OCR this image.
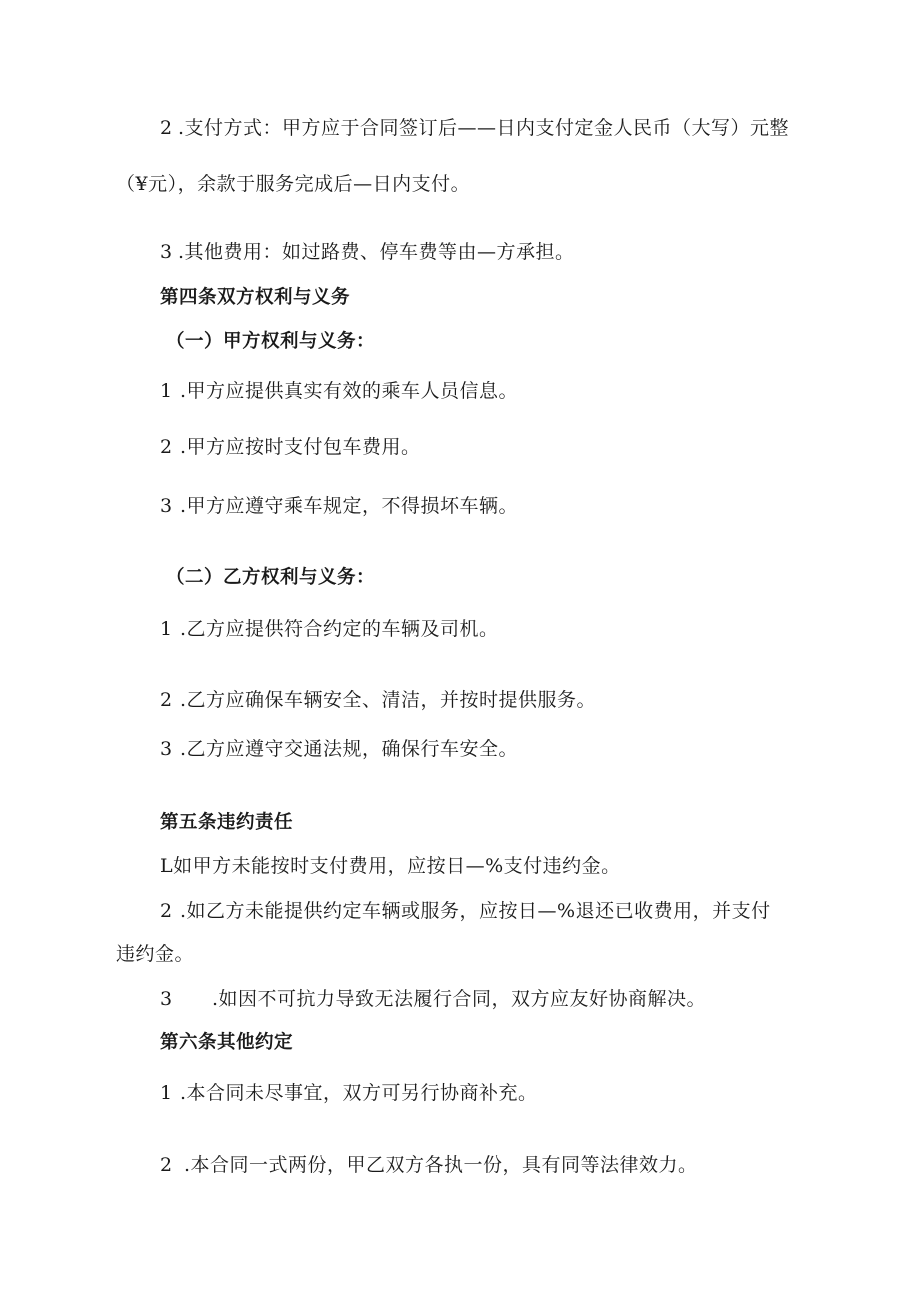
2 .支付方式：甲方应于合同签订后——日内支付定金人民币（大写）元整
（¥元），余款于服务完成后—日内支付。
3 .其他费用：如过路费、停车费等由—方承担。
第四条双方权利与义务
（一）甲方权利与义务：
1 .甲方应提供真实有效的乘车人员信息。
2 .甲方应按时支付包车费用。
3 .甲方应遵守乘车规定，不得损坏车辆。
（二）乙方权利与义务：
1 .乙方应提供符合约定的车辆及司机。
2 .乙方应确保车辆安全、清洁，并按时提供服务。
3 .乙方应遵守交通法规，确保行车安全。
第五条违约责任
L如甲方未能按时支付费用，应按日—%支付违约金。
2 .如乙方未能提供约定车辆或服务，应按日—%退还已收费用，并支付
违约金。
3 .如因不可抗力导致无法履行合同，双方应友好协商解决。
第六条其他约定
1 .本合同未尽事宜，双方可另行协商补充。
2 .本合同一式两份，甲乙双方各执一份，具有同等法律效力。
